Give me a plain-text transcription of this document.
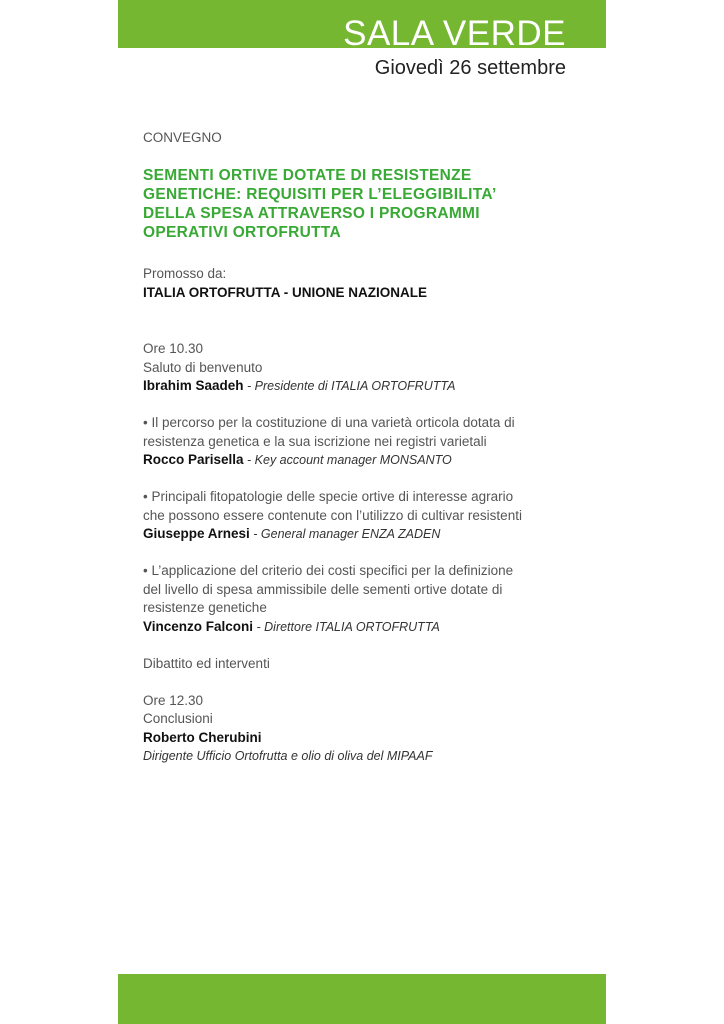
SALA VERDE
Giovedì 26 settembre
CONVEGNO
SEMENTI ORTIVE DOTATE DI RESISTENZE
GENETICHE: REQUISITI PER L’ELEGGIBILITA’
DELLA SPESA ATTRAVERSO I PROGRAMMI
OPERATIVI ORTOFRUTTA
Promosso da:
ITALIA ORTOFRUTTA - UNIONE NAZIONALE
Ore 10.30
Saluto di benvenuto
Ibrahim Saadeh - Presidente di ITALIA ORTOFRUTTA
• Il percorso per la costituzione di una varietà orticola dotata di
resistenza genetica e la sua iscrizione nei registri varietali
Rocco Parisella - Key account manager MONSANTO
• Principali fitopatologie delle specie ortive di interesse agrario
che possono essere contenute con l’utilizzo di cultivar resistenti
Giuseppe Arnesi - General manager ENZA ZADEN
• L’applicazione del criterio dei costi specifici per la definizione
del livello di spesa ammissibile delle sementi ortive dotate di
resistenze genetiche
Vincenzo Falconi - Direttore ITALIA ORTOFRUTTA
Dibattito ed interventi
Ore 12.30
Conclusioni
Roberto Cherubini
Dirigente Ufficio Ortofrutta e olio di oliva del MIPAAF
